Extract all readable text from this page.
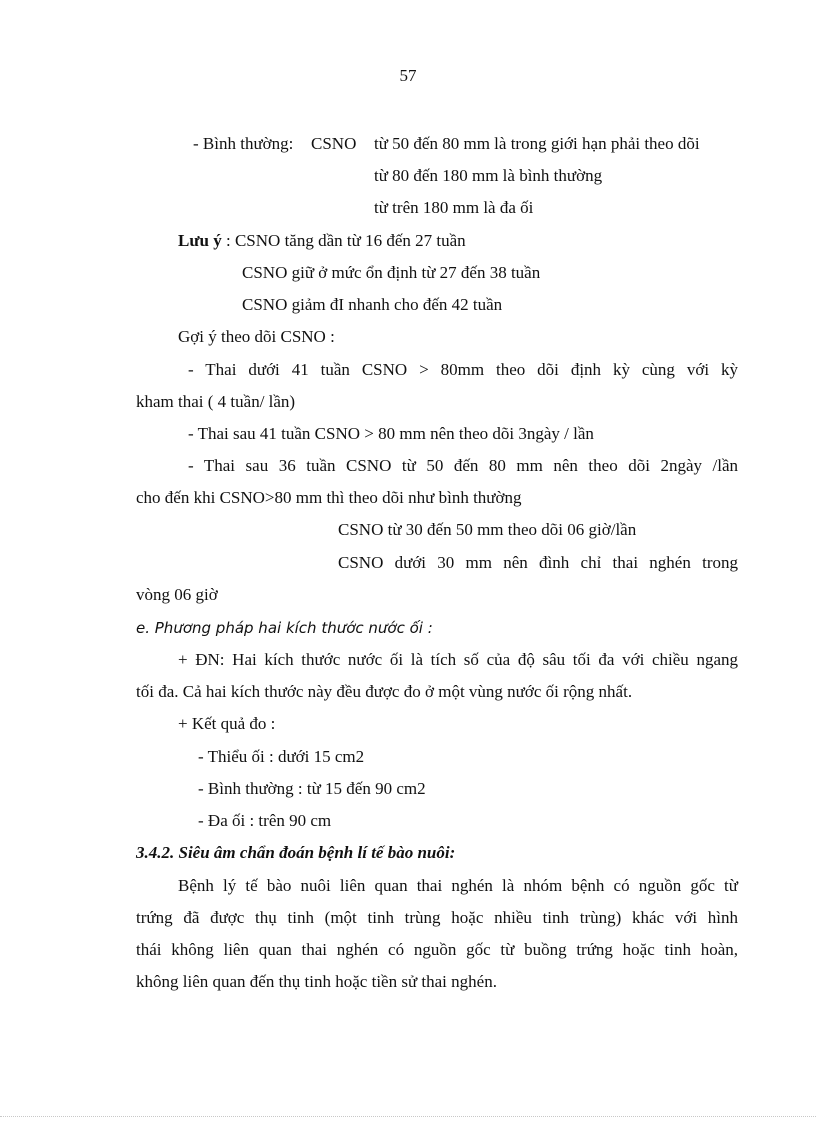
57
- Bình thường: CSNO từ 50 đến 80 mm là trong giới hạn phải theo dõi
từ 80 đến 180 mm là bình thường
từ trên 180 mm là đa ối
Lưu ý : CSNO tăng dần từ 16 đến 27 tuần
CSNO giữ ở mức ổn định từ 27 đến 38 tuần
CSNO giảm đI nhanh cho đến 42 tuần
Gợi ý theo dõi CSNO :
- Thai dưới 41 tuần CSNO > 80mm theo dõi định kỳ cùng với kỳ
kham thai ( 4 tuần/ lần)
- Thai sau 41 tuần CSNO > 80 mm nên theo dõi 3ngày / lần
- Thai sau 36 tuần CSNO từ 50 đến 80 mm nên theo dõi 2ngày /lần
cho đến khi CSNO>80 mm thì theo dõi như bình thường
CSNO từ 30 đến 50 mm theo dõi 06 giờ/lần
CSNO dưới 30 mm nên đình chỉ thai nghén trong
vòng 06 giờ
e. Phương pháp hai kích thước nước ối :
+ ĐN: Hai kích thước nước ối là tích số của độ sâu tối đa với chiều ngang
tối đa. Cả hai kích thước này đều được đo ở một vùng nước ối rộng nhất.
+ Kết quả đo :
- Thiểu ối : dưới 15 cm2
- Bình thường : từ 15 đến 90 cm2
- Đa ối : trên 90 cm
3.4.2. Siêu âm chẩn đoán bệnh lí tế bào nuôi:
Bệnh lý tế bào nuôi liên quan thai nghén là nhóm bệnh có nguồn gốc từ
trứng đã được thụ tinh (một tinh trùng hoặc nhiều tinh trùng) khác với hình
thái không liên quan thai nghén có nguồn gốc từ buồng trứng hoặc tinh hoàn,
không liên quan đến thụ tinh hoặc tiền sử thai nghén.
